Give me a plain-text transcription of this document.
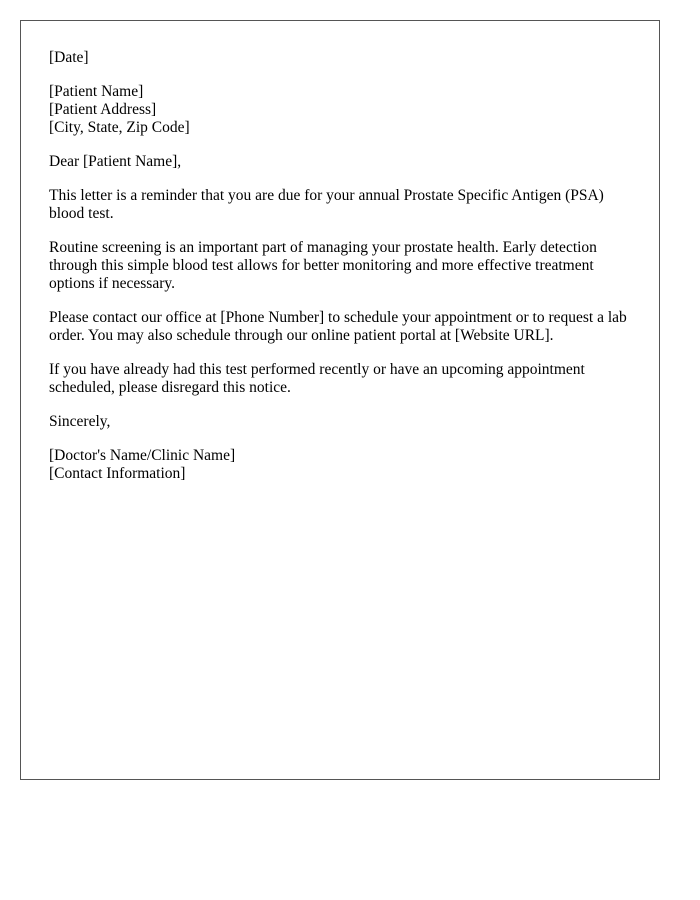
[Date]

[Patient Name]
[Patient Address]
[City, State, Zip Code]

Dear [Patient Name],

This letter is a reminder that you are due for your annual Prostate Specific Antigen (PSA) blood test.

Routine screening is an important part of managing your prostate health. Early detection through this simple blood test allows for better monitoring and more effective treatment options if necessary.

Please contact our office at [Phone Number] to schedule your appointment or to request a lab order. You may also schedule through our online patient portal at [Website URL].

If you have already had this test performed recently or have an upcoming appointment scheduled, please disregard this notice.

Sincerely,

[Doctor's Name/Clinic Name]
[Contact Information]
